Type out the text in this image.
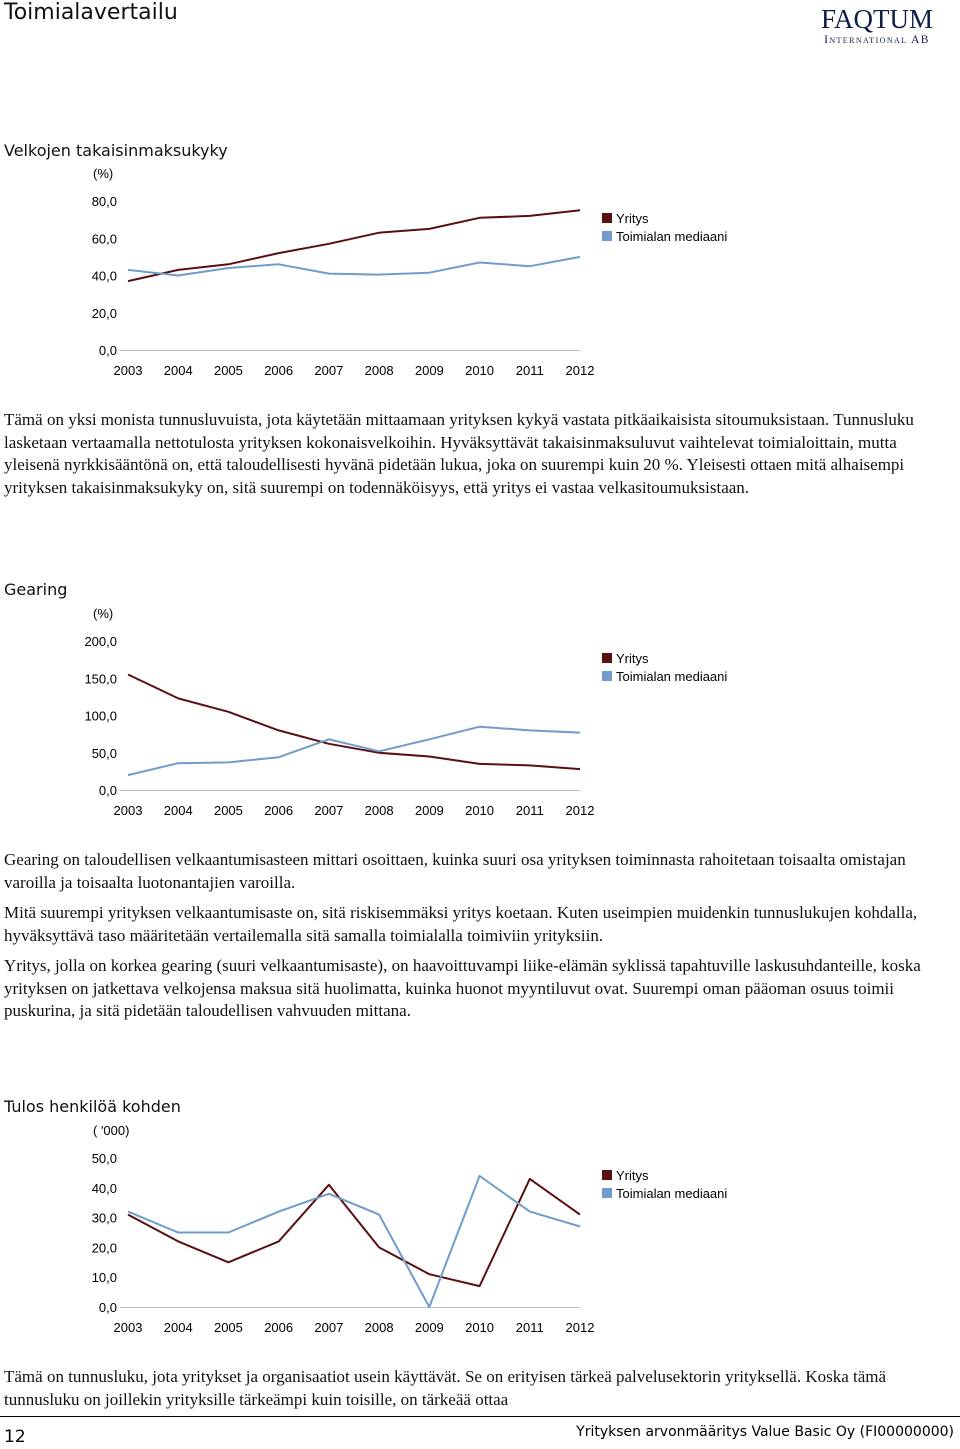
Toimialavertailu	FAQTUM
International AB
Velkojen takaisinmaksukyky
(%)
0,0
20,0
40,0
60,0
80,0
2003 2004 2005 2006 2007 2008 2009 2010 2011 2012
Yritys
Toimialan mediaani

Tämä on yksi monista tunnusluvuista, jota käytetään mittaamaan yrityksen kykyä vastata pitkäaikaisista sitoumuksistaan. Tunnusluku lasketaan vertaamalla nettotulosta yrityksen kokonaisvelkoihin. Hyväksyttävät takaisinmaksuluvut vaihtelevat toimialoittain, mutta yleisenä nyrkkisääntönä on, että taloudellisesti hyvänä pidetään lukua, joka on suurempi kuin 20 %. Yleisesti ottaen mitä alhaisempi yrityksen takaisinmaksukyky on, sitä suurempi on todennäköisyys, että yritys ei vastaa velkasitoumuksistaan.

Gearing
(%)
0,0
50,0
100,0
150,0
200,0
2003 2004 2005 2006 2007 2008 2009 2010 2011 2012
Yritys
Toimialan mediaani

Gearing on taloudellisen velkaantumisasteen mittari osoittaen, kuinka suuri osa yrityksen toiminnasta rahoitetaan toisaalta omistajan varoilla ja toisaalta luotonantajien varoilla.

Mitä suurempi yrityksen velkaantumisaste on, sitä riskisemmäksi yritys koetaan. Kuten useimpien muidenkin tunnuslukujen kohdalla, hyväksyttävä taso määritetään vertailemalla sitä samalla toimialalla toimiviin yrityksiin.

Yritys, jolla on korkea gearing (suuri velkaantumisaste), on haavoittuvampi liike-elämän syklissä tapahtuville laskusuhdanteille, koska yrityksen on jatkettava velkojensa maksua sitä huolimatta, kuinka huonot myyntiluvut ovat. Suurempi oman pääoman osuus toimii puskurina, ja sitä pidetään taloudellisen vahvuuden mittana.

Tulos henkilöä kohden
( '000)
0,0
10,0
20,0
30,0
40,0
50,0
2003 2004 2005 2006 2007 2008 2009 2010 2011 2012
Yritys
Toimialan mediaani

Tämä on tunnusluku, jota yritykset ja organisaatiot usein käyttävät. Se on erityisen tärkeä palvelusektorin yrityksellä. Koska tämä tunnusluku on joillekin yrityksille tärkeämpi kuin toisille, on tärkeää ottaa

12	Yrityksen arvonmääritys Value Basic Oy (FI00000000)
